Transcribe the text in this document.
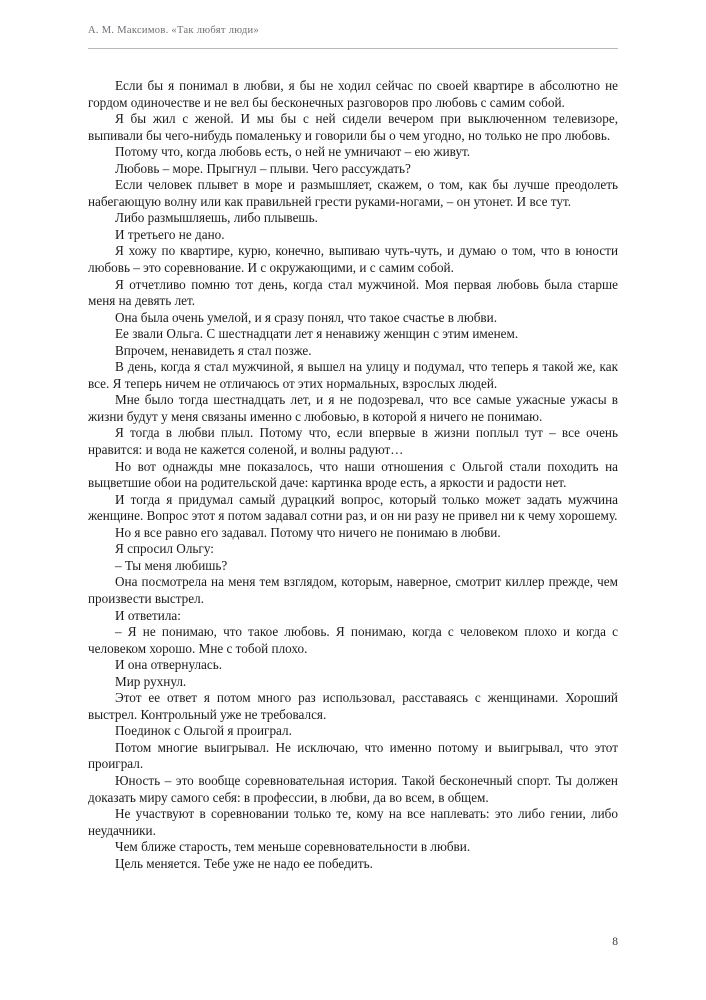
А. М. Максимов. «Так любят люди»

Если бы я понимал в любви, я бы не ходил сейчас по своей квартире в абсолютно не гордом одиночестве и не вел бы бесконечных разговоров про любовь с самим собой.

Я бы жил с женой. И мы бы с ней сидели вечером при выключенном телевизоре, выпивали бы чего-нибудь помаленьку и говорили бы о чем угодно, но только не про любовь.

Потому что, когда любовь есть, о ней не умничают – ею живут.

Любовь – море. Прыгнул – плыви. Чего рассуждать?

Если человек плывет в море и размышляет, скажем, о том, как бы лучше преодолеть набегающую волну или как правильней грести руками-ногами, – он утонет. И все тут.

Либо размышляешь, либо плывешь.

И третьего не дано.

Я хожу по квартире, курю, конечно, выпиваю чуть-чуть, и думаю о том, что в юности любовь – это соревнование. И с окружающими, и с самим собой.

Я отчетливо помню тот день, когда стал мужчиной. Моя первая любовь была старше меня на девять лет.

Она была очень умелой, и я сразу понял, что такое счастье в любви.

Ее звали Ольга. С шестнадцати лет я ненавижу женщин с этим именем.

Впрочем, ненавидеть я стал позже.

В день, когда я стал мужчиной, я вышел на улицу и подумал, что теперь я такой же, как все. Я теперь ничем не отличаюсь от этих нормальных, взрослых людей.

Мне было тогда шестнадцать лет, и я не подозревал, что все самые ужасные ужасы в жизни будут у меня связаны именно с любовью, в которой я ничего не понимаю.

Я тогда в любви плыл. Потому что, если впервые в жизни поплыл тут – все очень нравится: и вода не кажется соленой, и волны радуют…

Но вот однажды мне показалось, что наши отношения с Ольгой стали походить на выцветшие обои на родительской даче: картинка вроде есть, а яркости и радости нет.

И тогда я придумал самый дурацкий вопрос, который только может задать мужчина женщине. Вопрос этот я потом задавал сотни раз, и он ни разу не привел ни к чему хорошему.

Но я все равно его задавал. Потому что ничего не понимаю в любви.

Я спросил Ольгу:

– Ты меня любишь?

Она посмотрела на меня тем взглядом, которым, наверное, смотрит киллер прежде, чем произвести выстрел.

И ответила:

– Я не понимаю, что такое любовь. Я понимаю, когда с человеком плохо и когда с человеком хорошо. Мне с тобой плохо.

И она отвернулась.

Мир рухнул.

Этот ее ответ я потом много раз использовал, расставаясь с женщинами. Хороший выстрел. Контрольный уже не требовался.

Поединок с Ольгой я проиграл.

Потом многие выигрывал. Не исключаю, что именно потому и выигрывал, что этот проиграл.

Юность – это вообще соревновательная история. Такой бесконечный спорт. Ты должен доказать миру самого себя: в профессии, в любви, да во всем, в общем.

Не участвуют в соревновании только те, кому на все наплевать: это либо гении, либо неудачники.

Чем ближе старость, тем меньше соревновательности в любви.

Цель меняется. Тебе уже не надо ее победить.

8
